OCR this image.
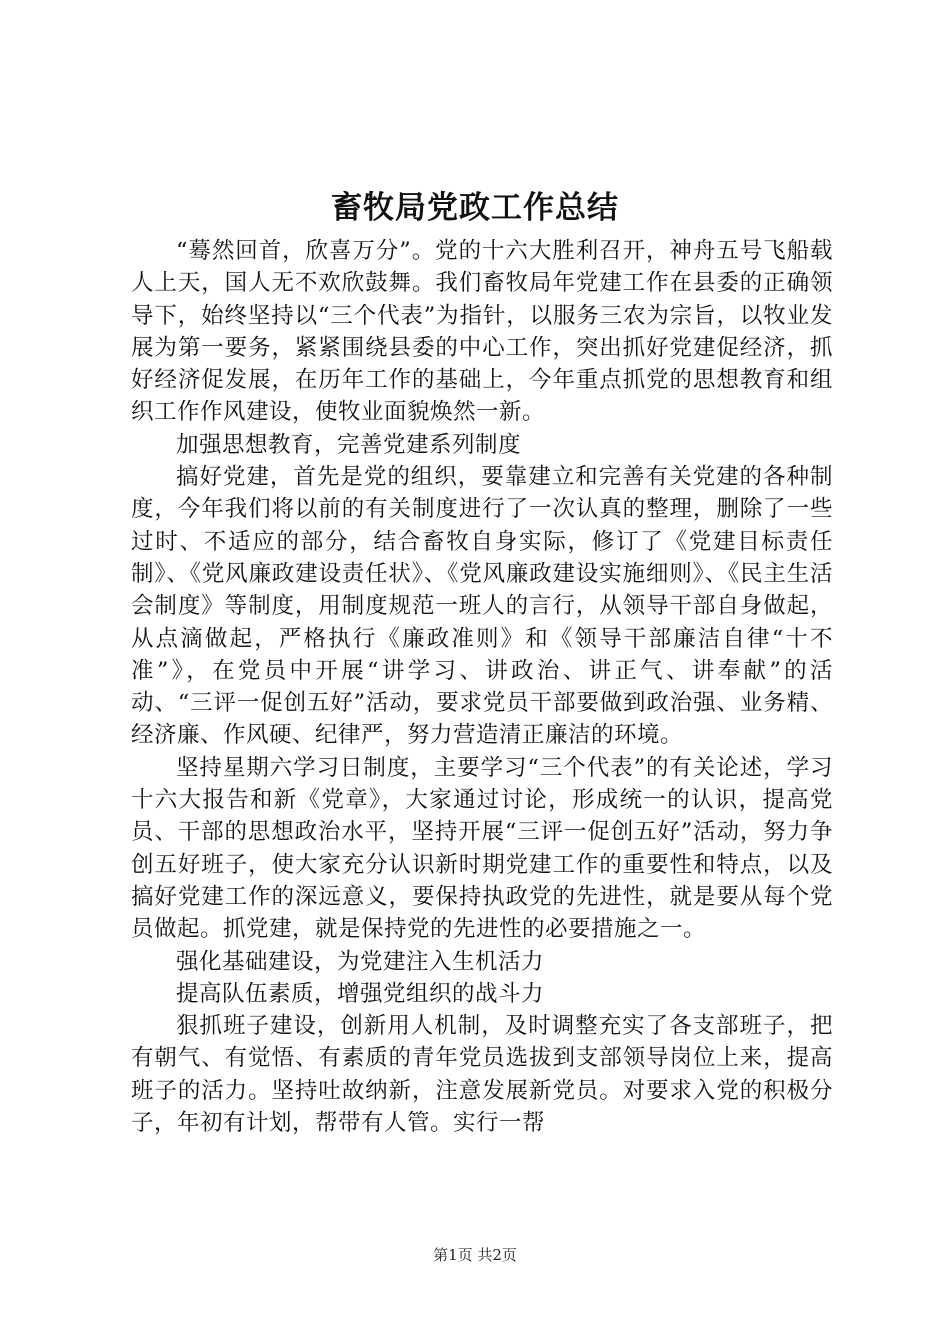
畜牧局党政工作总结

“蓦然回首，欣喜万分”。党的十六大胜利召开，神舟五号飞船载人上天，国人无不欢欣鼓舞。我们畜牧局年党建工作在县委的正确领导下，始终坚持以“三个代表”为指针，以服务三农为宗旨，以牧业发展为第一要务，紧紧围绕县委的中心工作，突出抓好党建促经济，抓好经济促发展，在历年工作的基础上，今年重点抓党的思想教育和组织工作作风建设，使牧业面貌焕然一新。

加强思想教育，完善党建系列制度

搞好党建，首先是党的组织，要靠建立和完善有关党建的各种制度，今年我们将以前的有关制度进行了一次认真的整理，删除了一些过时、不适应的部分，结合畜牧自身实际，修订了《党建目标责任制》、《党风廉政建设责任状》、《党风廉政建设实施细则》、《民主生活会制度》等制度，用制度规范一班人的言行，从领导干部自身做起，从点滴做起，严格执行《廉政准则》和《领导干部廉洁自律“十不准”》，在党员中开展“讲学习、讲政治、讲正气、讲奉献”的活动、“三评一促创五好”活动，要求党员干部要做到政治强、业务精、经济廉、作风硬、纪律严，努力营造清正廉洁的环境。

坚持星期六学习日制度，主要学习“三个代表”的有关论述，学习十六大报告和新《党章》，大家通过讨论，形成统一的认识，提高党员、干部的思想政治水平，坚持开展“三评一促创五好”活动，努力争创五好班子，使大家充分认识新时期党建工作的重要性和特点，以及搞好党建工作的深远意义，要保持执政党的先进性，就是要从每个党员做起。抓党建，就是保持党的先进性的必要措施之一。

强化基础建设，为党建注入生机活力

提高队伍素质，增强党组织的战斗力

狠抓班子建设，创新用人机制，及时调整充实了各支部班子，把有朝气、有觉悟、有素质的青年党员选拔到支部领导岗位上来，提高班子的活力。坚持吐故纳新，注意发展新党员。对要求入党的积极分子，年初有计划，帮带有人管。实行一帮

第1页 共2页
